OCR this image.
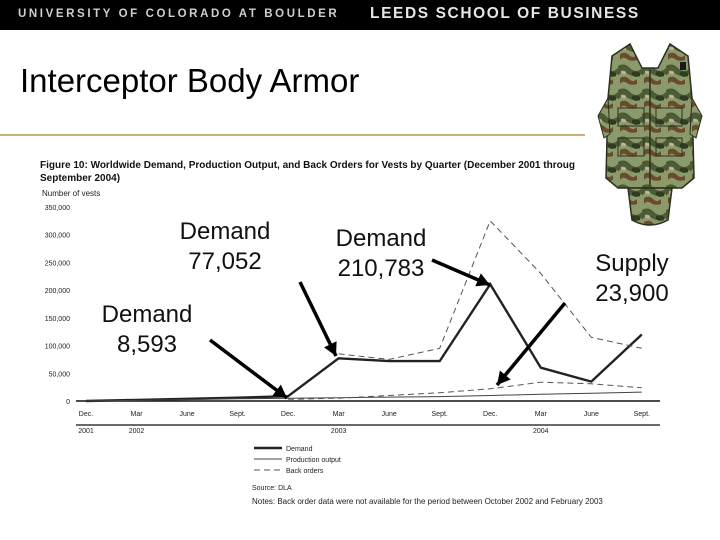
UNIVERSITY OF COLORADO AT BOULDER LEEDS SCHOOL OF BUSINESS
Interceptor Body Armor
Figure 10: Worldwide Demand, Production Output, and Back Orders for Vests by Quarter (December 2001 throug
September 2004)
Number of vests
350,000
300,000
250,000
200,000
150,000
100,000
50,000
0
Dec.	Mar	June	Sept.	Dec.	Mar	June	Sept.	Dec.	Mar	June	Sept.
2001	2002	2003	2004
Demand
Production output
Back orders
Source: DLA
Notes: Back order data were not available for the period between October 2002 and February 2003
Demand
77,052
Demand
8,593
Demand
210,783	Supply
23,900
